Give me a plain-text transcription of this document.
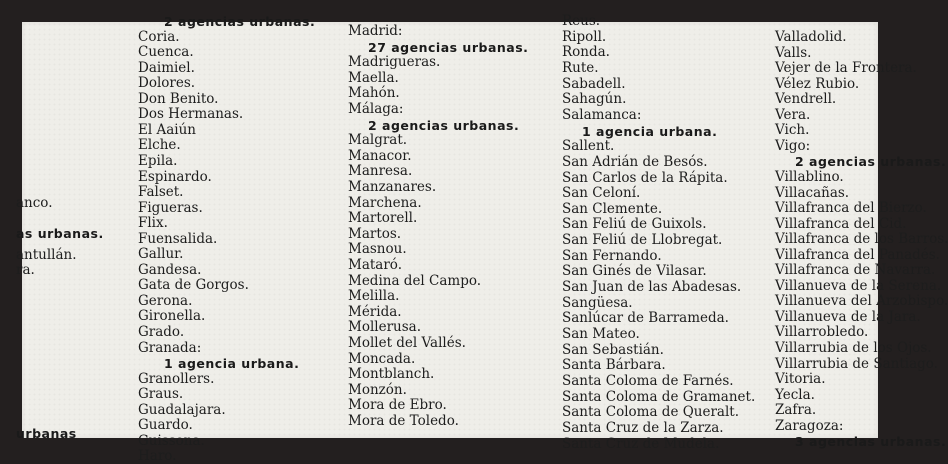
anco.
as urbanas.
antullán.
ra.
urbanas
2 agencias urbanas.
Coria.
Cuenca.
Daimiel.
Dolores.
Don Benito.
Dos Hermanas.
El Aaiún
Elche.
Epila.
Espinardo.
Falset.
Figueras.
Flix.
Fuensalida.
Gallur.
Gandesa.
Gata de Gorgos.
Gerona.
Gironella.
Grado.
Granada:
1 agencia urbana.
Granollers.
Graus.
Guadalajara.
Guardo.
Guissona.
Haro.
Madrid:
27 agencias urbanas.
Madrigueras.
Maella.
Mahón.
Málaga:
2 agencias urbanas.
Malgrat.
Manacor.
Manresa.
Manzanares.
Marchena.
Martorell.
Martos.
Masnou.
Mataró.
Medina del Campo.
Melilla.
Mérida.
Mollerusa.
Mollet del Vallés.
Moncada.
Montblanch.
Monzón.
Mora de Ebro.
Mora de Toledo.
Reus.
Ripoll.
Ronda.
Rute.
Sabadell.
Sahagún.
Salamanca:
1 agencia urbana.
Sallent.
San Adrián de Besós.
San Carlos de la Rápita.
San Celoní.
San Clemente.
San Feliú de Guixols.
San Feliú de Llobregat.
San Fernando.
San Ginés de Vilasar.
San Juan de las Abadesas.
Sangüesa.
Sanlúcar de Barrameda.
San Mateo.
San Sebastián.
Santa Bárbara.
Santa Coloma de Farnés.
Santa Coloma de Gramanet.
Santa Coloma de Queralt.
Santa Cruz de la Zarza.
Santa Cruz de Mudela.
Valladolid.
Valls.
Vejer de la Frontera.
Vélez Rubio.
Vendrell.
Vera.
Vich.
Vigo:
2 agencias urbanas.
Villablino.
Villacañas.
Villafranca del Bierzo.
Villafranca del Cid.
Villafranca de los Barros.
Villafranca del Panadés.
Villafranca de Navarra.
Villanueva de la Serena.
Villanueva del Arzobispo.
Villanueva de la Jara.
Villarrobledo.
Villarrubia de los Ojos.
Villarrubia de Santiago.
Vitoria.
Yecla.
Zafra.
Zaragoza:
3 agencias urbanas.
